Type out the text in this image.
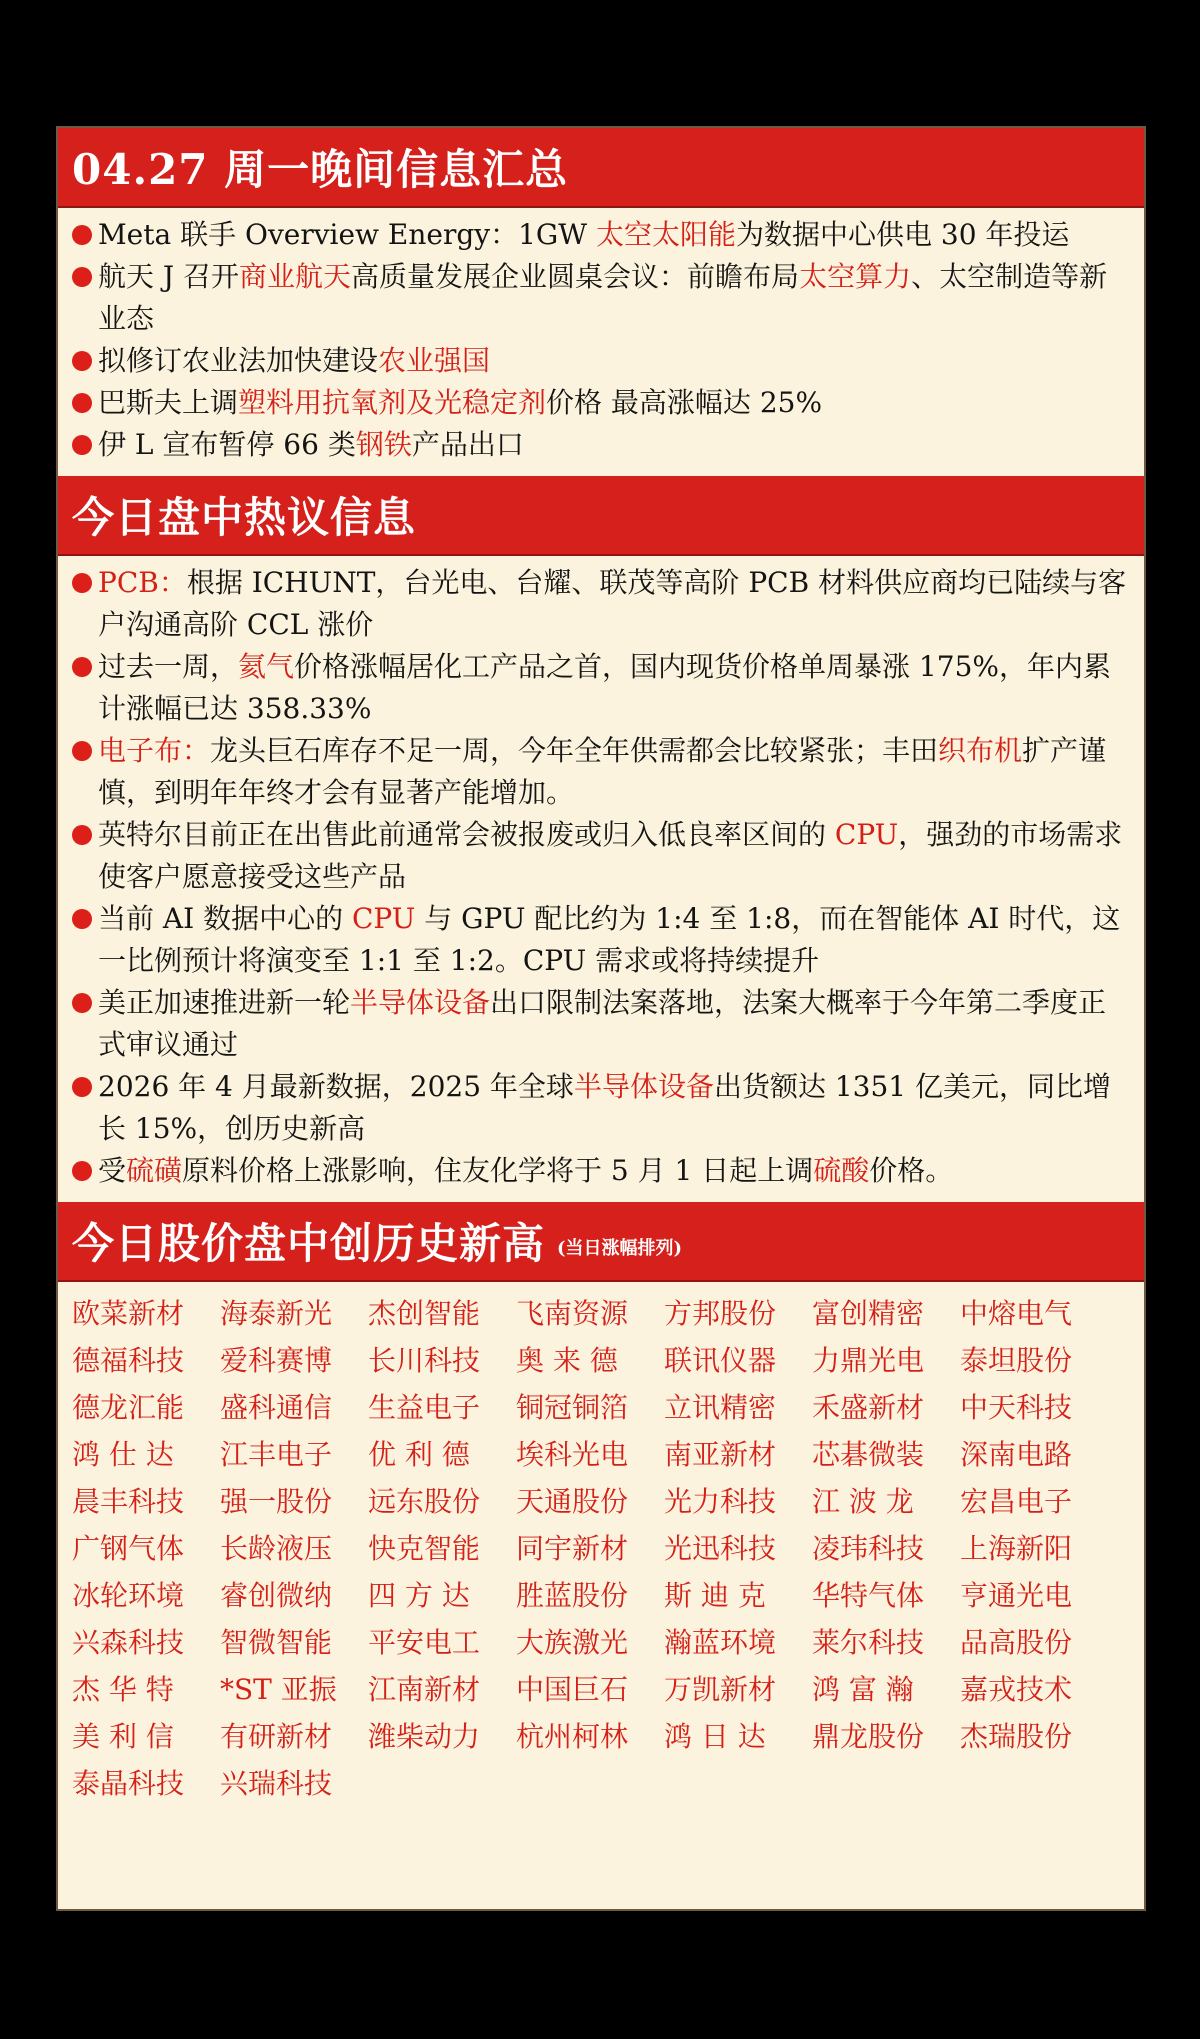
04.27 周一晚间信息汇总
Meta 联手 Overview Energy：1GW 太空太阳能为数据中心供电 30 年投运
航天 J 召开商业航天高质量发展企业圆桌会议：前瞻布局太空算力、太空制造等新业态
拟修订农业法加快建设农业强国
巴斯夫上调塑料用抗氧剂及光稳定剂价格 最高涨幅达 25%
伊 L 宣布暂停 66 类钢铁产品出口
今日盘中热议信息
PCB：根据 ICHUNT，台光电、台耀、联茂等高阶 PCB 材料供应商均已陆续与客户沟通高阶 CCL 涨价
过去一周，氦气价格涨幅居化工产品之首，国内现货价格单周暴涨 175%，年内累计涨幅已达 358.33%
电子布：龙头巨石库存不足一周，今年全年供需都会比较紧张；丰田织布机扩产谨慎，到明年年终才会有显著产能增加。
英特尔目前正在出售此前通常会被报废或归入低良率区间的 CPU，强劲的市场需求使客户愿意接受这些产品
当前 AI 数据中心的 CPU 与 GPU 配比约为 1:4 至 1:8，而在智能体 AI 时代，这一比例预计将演变至 1:1 至 1:2。CPU 需求或将持续提升
美正加速推进新一轮半导体设备出口限制法案落地，法案大概率于今年第二季度正式审议通过
2026 年 4 月最新数据，2025 年全球半导体设备出货额达 1351 亿美元，同比增长 15%，创历史新高
受硫磺原料价格上涨影响，住友化学将于 5 月 1 日起上调硫酸价格。
今日股价盘中创历史新高 (当日涨幅排列)
欧菜新材	海泰新光	杰创智能	飞南资源	方邦股份	富创精密	中熔电气
德福科技	爱科赛博	长川科技	奥 来 德	联讯仪器	力鼎光电	泰坦股份
德龙汇能	盛科通信	生益电子	铜冠铜箔	立讯精密	禾盛新材	中天科技
鸿 仕 达	江丰电子	优 利 德	埃科光电	南亚新材	芯碁微装	深南电路
晨丰科技	强一股份	远东股份	天通股份	光力科技	江 波 龙	宏昌电子
广钢气体	长龄液压	快克智能	同宇新材	光迅科技	凌玮科技	上海新阳
冰轮环境	睿创微纳	四 方 达	胜蓝股份	斯 迪 克	华特气体	亨通光电
兴森科技	智微智能	平安电工	大族激光	瀚蓝环境	莱尔科技	品高股份
杰 华 特	*ST 亚振	江南新材	中国巨石	万凯新材	鸿 富 瀚	嘉戎技术
美 利 信	有研新材	潍柴动力	杭州柯林	鸿 日 达	鼎龙股份	杰瑞股份
泰晶科技	兴瑞科技
